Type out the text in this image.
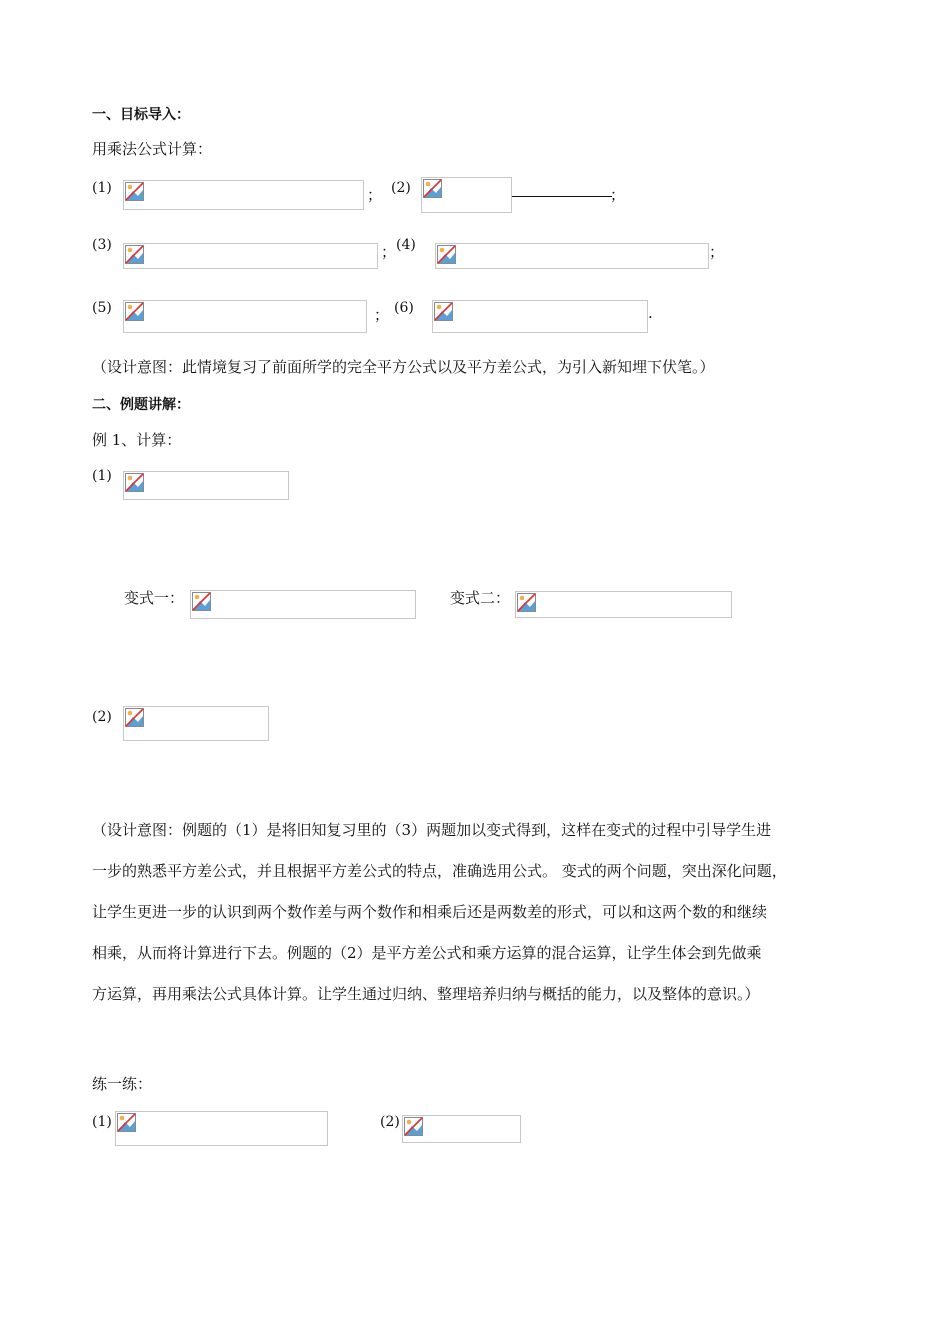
一、目标导入：
用乘法公式计算：
(1)	； (2)	；
(3)	； (4)	；
(5)	； (6)	.
（设计意图：此情境复习了前面所学的完全平方公式以及平方差公式，为引入新知埋下伏笔。）
二、例题讲解：
例 1、计算：
(1)
变式一：	变式二：
(2)
（设计意图：例题的（1）是将旧知复习里的（3）两题加以变式得到，这样在变式的过程中引导学生进
一步的熟悉平方差公式，并且根据平方差公式的特点，准确选用公式。 变式的两个问题，突出深化问题，
让学生更进一步的认识到两个数作差与两个数作和相乘后还是两数差的形式，可以和这两个数的和继续
相乘，从而将计算进行下去。例题的（2）是平方差公式和乘方运算的混合运算，让学生体会到先做乘
方运算，再用乘法公式具体计算。让学生通过归纳、整理培养归纳与概括的能力，以及整体的意识。）
练一练：
(1)	(2)
